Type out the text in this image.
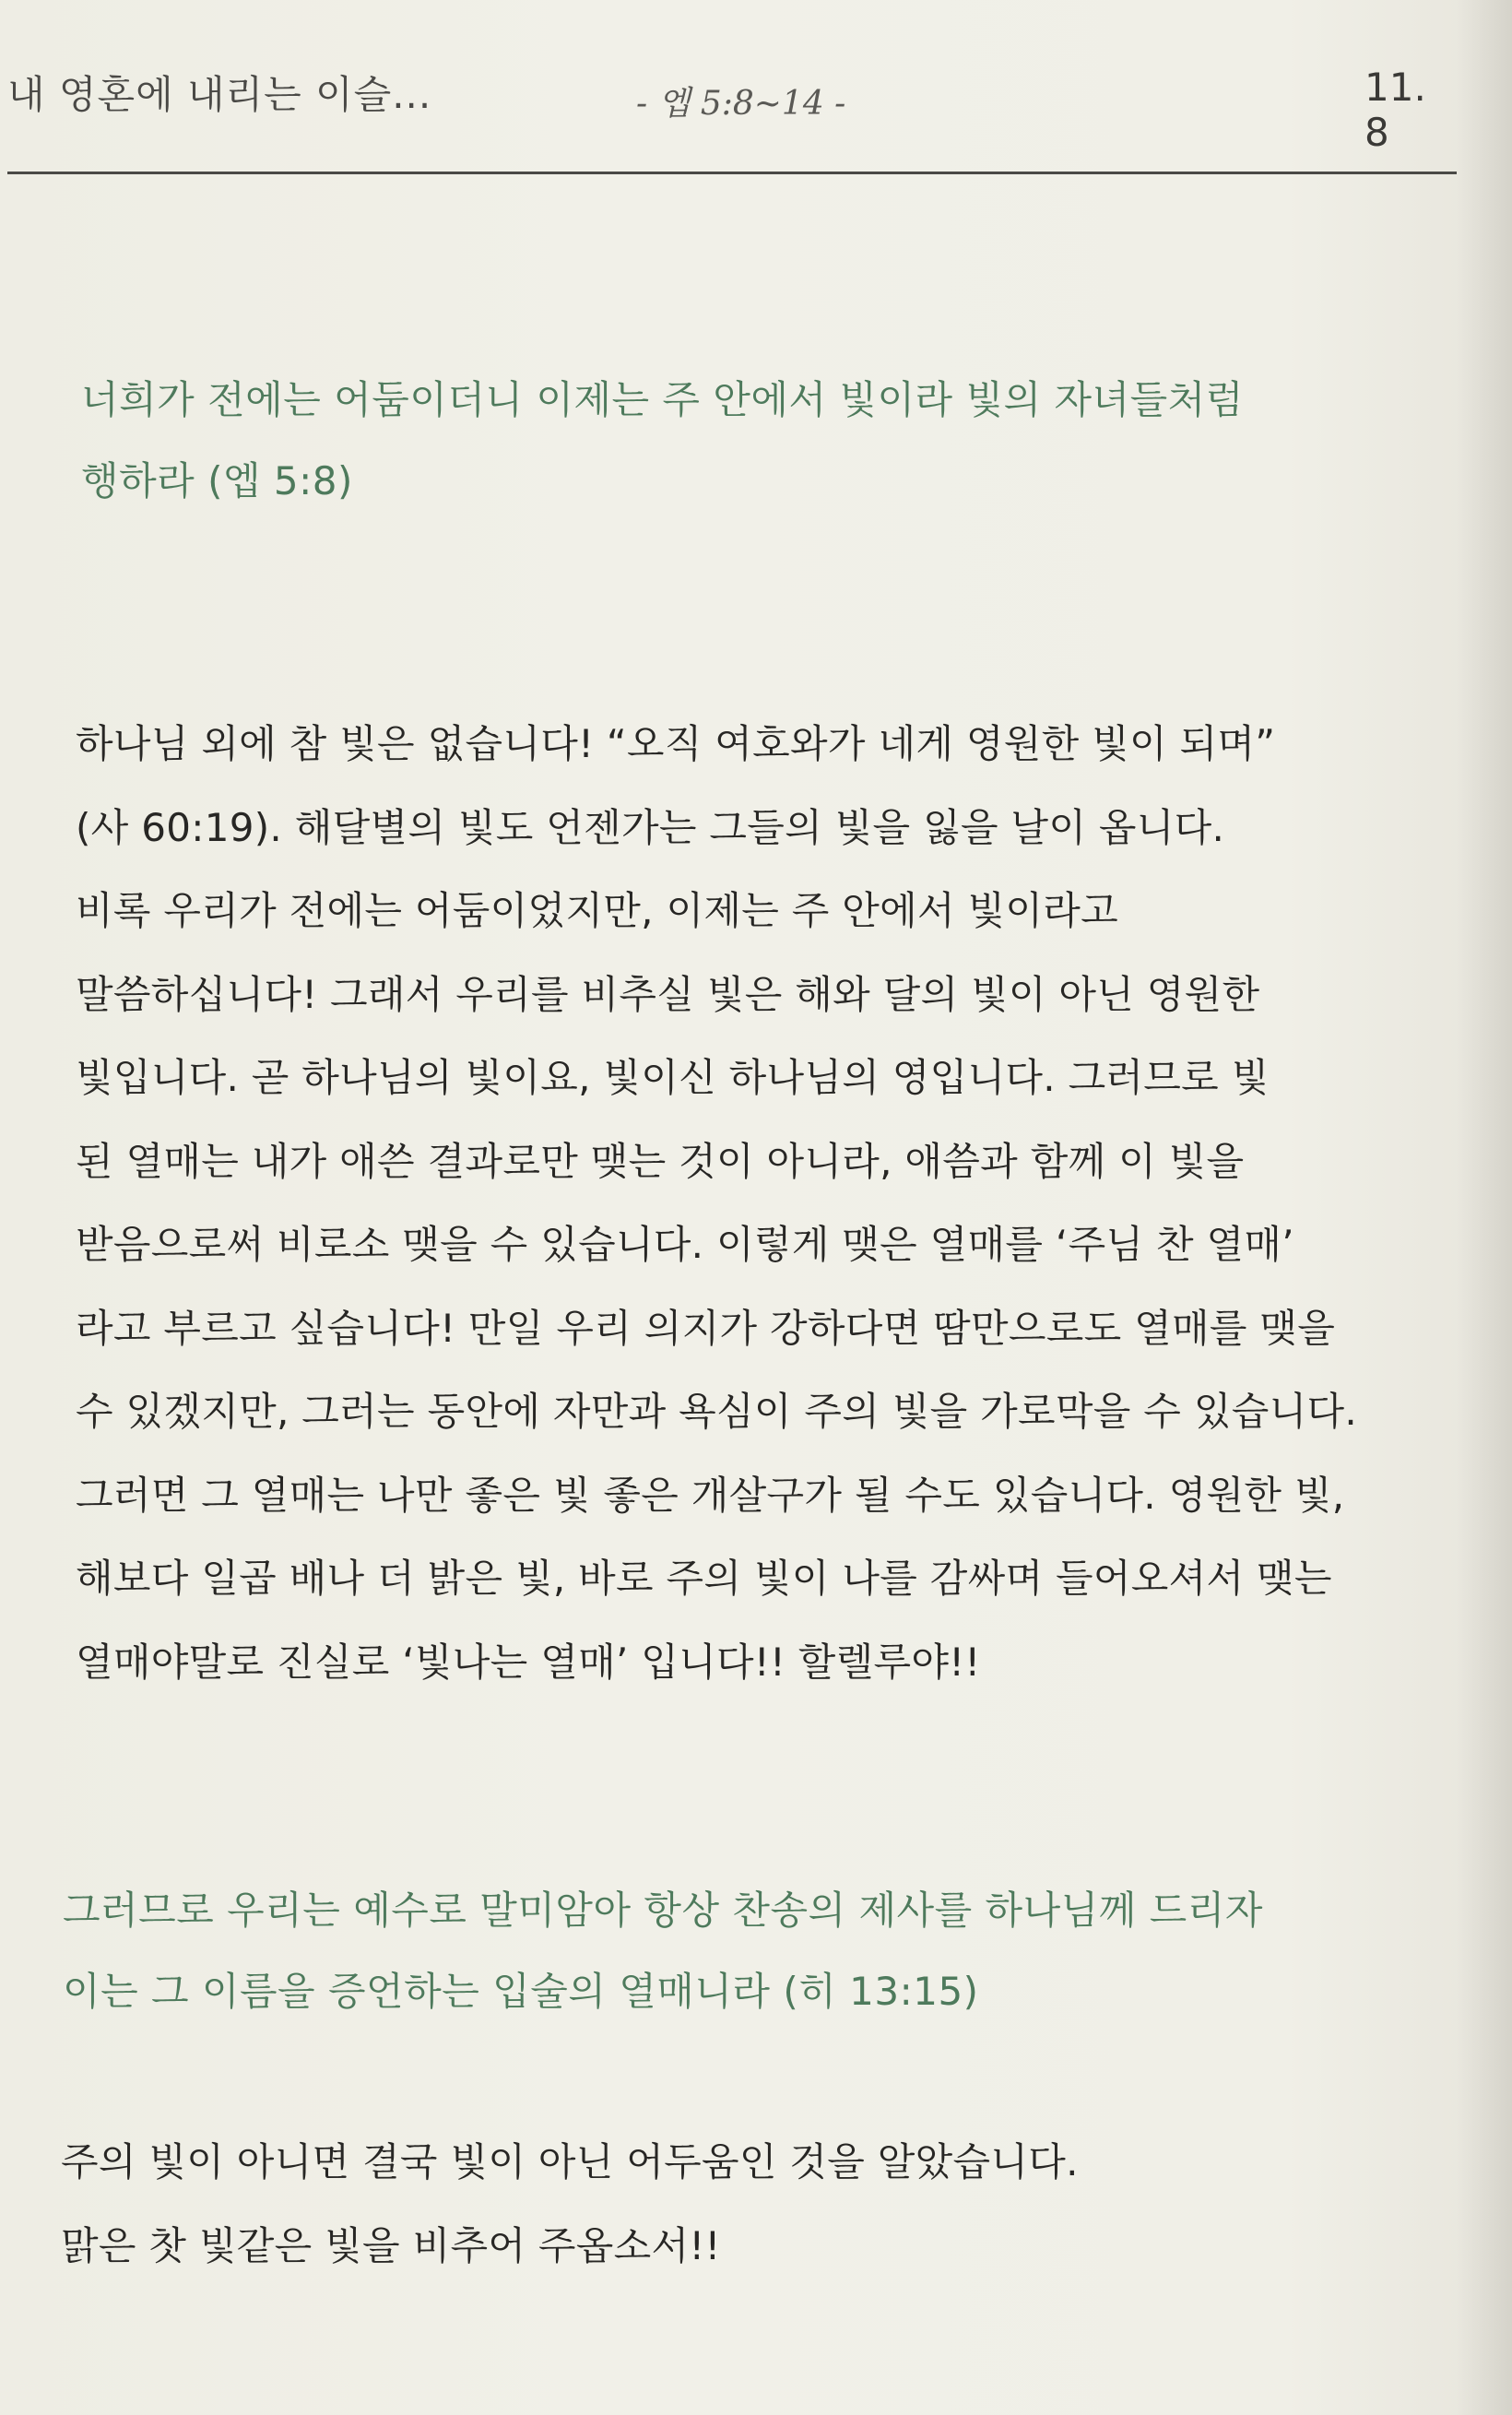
내 영혼에 내리는 이슬...	- 엡 5:8~14 -	11. 8
너희가 전에는 어둠이더니 이제는 주 안에서 빛이라 빛의 자녀들처럼
행하라 (엡 5:8)
하나님 외에 참 빛은 없습니다! “오직 여호와가 네게 영원한 빛이 되며”
(사 60:19). 해달별의 빛도 언젠가는 그들의 빛을 잃을 날이 옵니다.
비록 우리가 전에는 어둠이었지만, 이제는 주 안에서 빛이라고
말씀하십니다! 그래서 우리를 비추실 빛은 해와 달의 빛이 아닌 영원한
빛입니다. 곧 하나님의 빛이요, 빛이신 하나님의 영입니다. 그러므로 빛
된 열매는 내가 애쓴 결과로만 맺는 것이 아니라, 애씀과 함께 이 빛을
받음으로써 비로소 맺을 수 있습니다. 이렇게 맺은 열매를 ‘주님 찬 열매’
라고 부르고 싶습니다! 만일 우리 의지가 강하다면 땀만으로도 열매를 맺을
수 있겠지만, 그러는 동안에 자만과 욕심이 주의 빛을 가로막을 수 있습니다.
그러면 그 열매는 나만 좋은 빛 좋은 개살구가 될 수도 있습니다. 영원한 빛,
해보다 일곱 배나 더 밝은 빛, 바로 주의 빛이 나를 감싸며 들어오셔서 맺는
열매야말로 진실로 ‘빛나는 열매’ 입니다!! 할렐루야!!
그러므로 우리는 예수로 말미암아 항상 찬송의 제사를 하나님께 드리자
이는 그 이름을 증언하는 입술의 열매니라 (히 13:15)
주의 빛이 아니면 결국 빛이 아닌 어두움인 것을 알았습니다.
맑은 찻 빛같은 빛을 비추어 주옵소서!!
